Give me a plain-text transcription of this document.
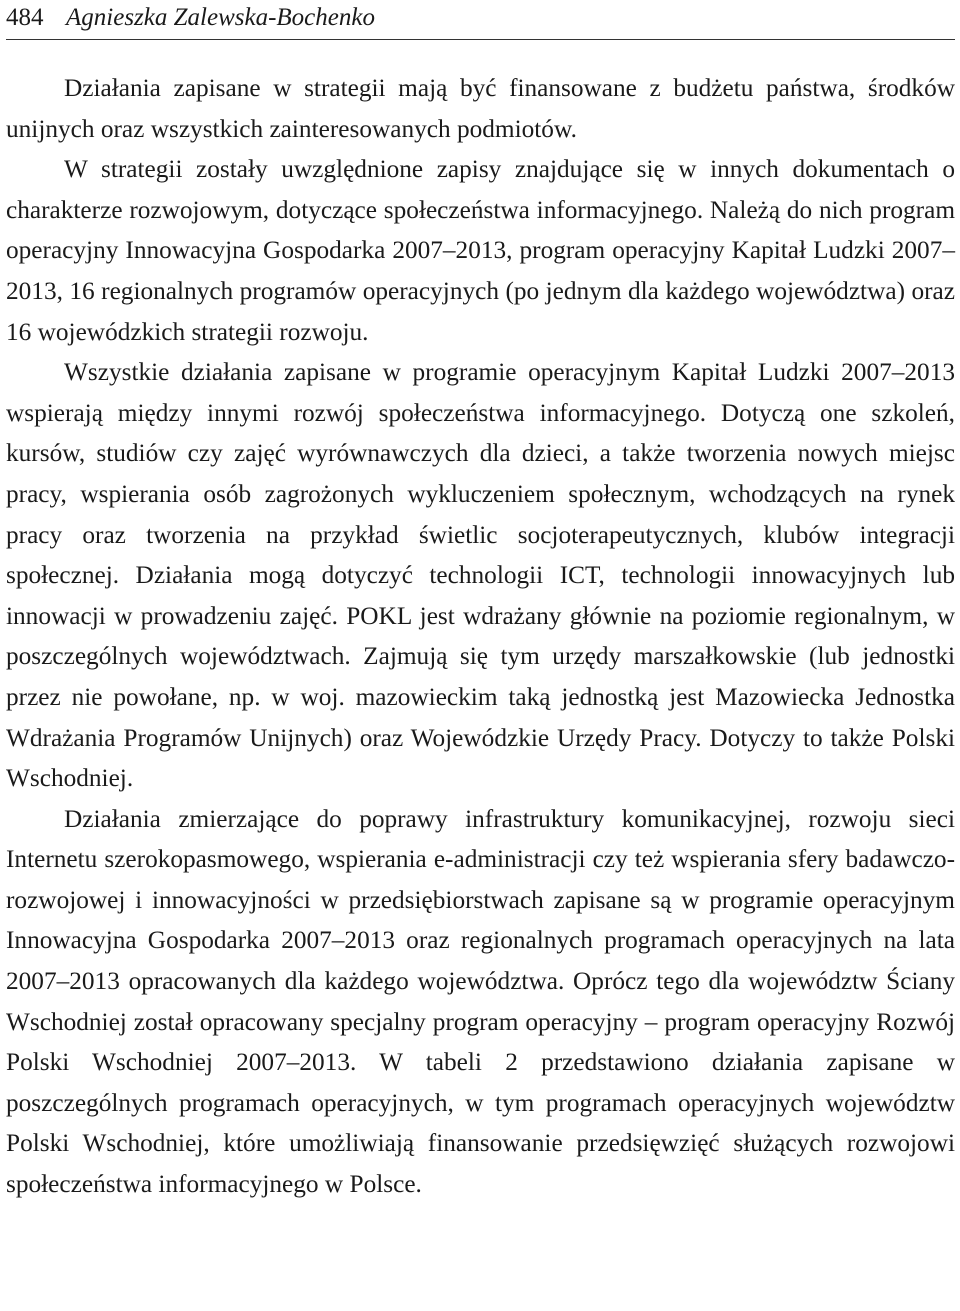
484 Agnieszka Zalewska-Bochenko

Działania zapisane w strategii mają być finansowane z budżetu państwa, środków unijnych oraz wszystkich zainteresowanych podmiotów.

W strategii zostały uwzględnione zapisy znajdujące się w innych dokumentach o charakterze rozwojowym, dotyczące społeczeństwa informacyjnego. Należą do nich program operacyjny Innowacyjna Gospodarka 2007–2013, program operacyjny Kapitał Ludzki 2007–2013, 16 regionalnych programów operacyjnych (po jednym dla każdego województwa) oraz 16 wojewódzkich strategii rozwoju.

Wszystkie działania zapisane w programie operacyjnym Kapitał Ludzki 2007–2013 wspierają między innymi rozwój społeczeństwa informacyjnego. Dotyczą one szkoleń, kursów, studiów czy zajęć wyrównawczych dla dzieci, a także tworzenia nowych miejsc pracy, wspierania osób zagrożonych wykluczeniem społecznym, wchodzących na rynek pracy oraz tworzenia na przykład świetlic socjoterapeutycznych, klubów integracji społecznej. Działania mogą dotyczyć technologii ICT, technologii innowacyjnych lub innowacji w prowadzeniu zajęć. POKL jest wdrażany głównie na poziomie regionalnym, w poszczególnych województwach. Zajmują się tym urzędy marszałkowskie (lub jednostki przez nie powołane, np. w woj. mazowieckim taką jednostką jest Mazowiecka Jednostka Wdrażania Programów Unijnych) oraz Wojewódzkie Urzędy Pracy. Dotyczy to także Polski Wschodniej.

Działania zmierzające do poprawy infrastruktury komunikacyjnej, rozwoju sieci Internetu szerokopasmowego, wspierania e-administracji czy też wspierania sfery badawczo-rozwojowej i innowacyjności w przedsiębiorstwach zapisane są w programie operacyjnym Innowacyjna Gospodarka 2007–2013 oraz regionalnych programach operacyjnych na lata 2007–2013 opracowanych dla każdego województwa. Oprócz tego dla województw Ściany Wschodniej został opracowany specjalny program operacyjny – program operacyjny Rozwój Polski Wschodniej 2007–2013. W tabeli 2 przedstawiono działania zapisane w poszczególnych programach operacyjnych, w tym programach operacyjnych województw Polski Wschodniej, które umożliwiają finansowanie przedsięwzięć służących rozwojowi społeczeństwa informacyjnego w Polsce.
